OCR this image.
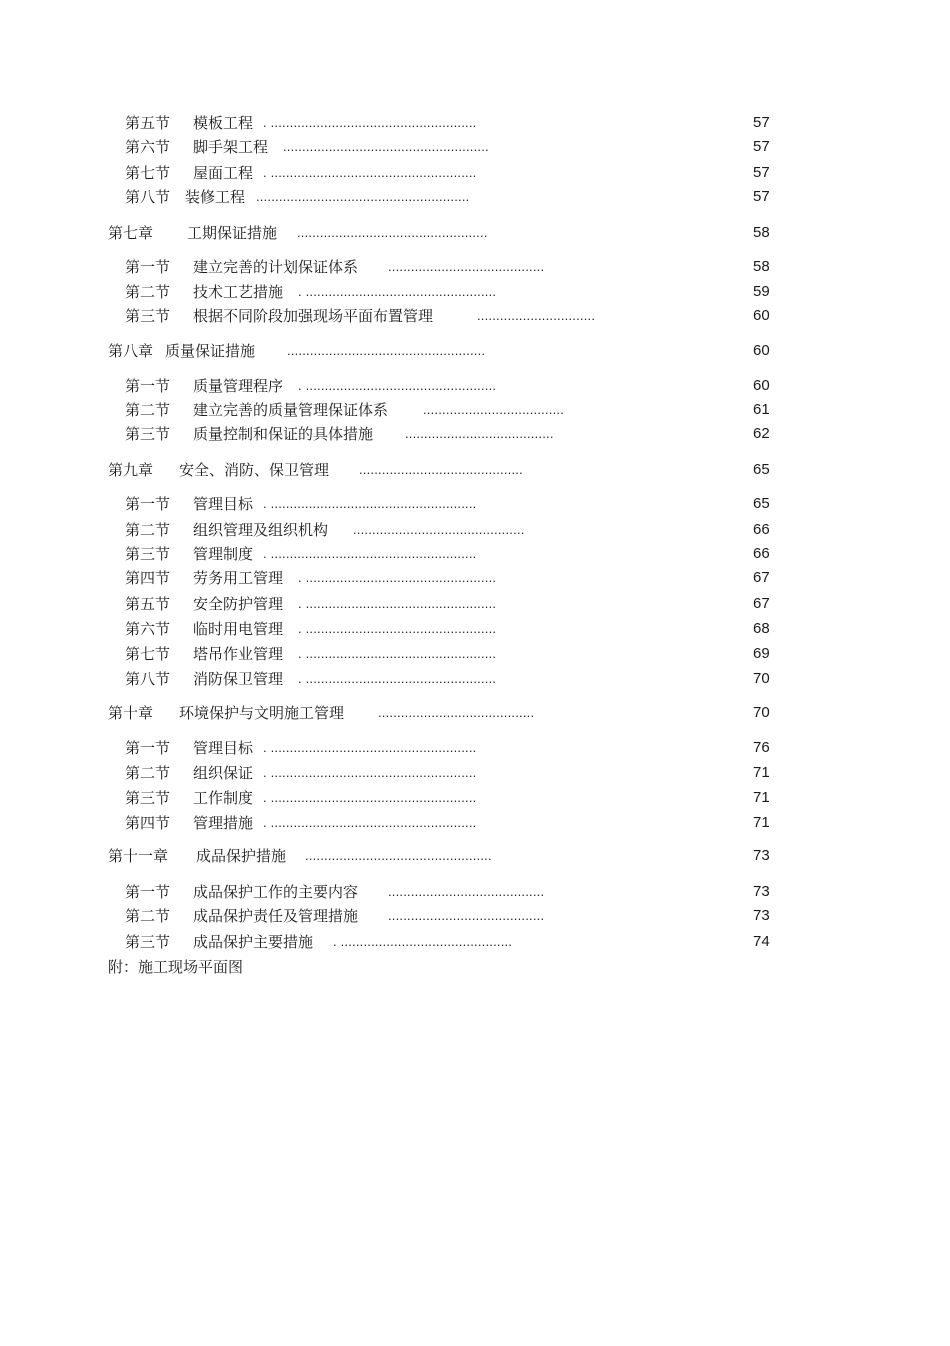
第五节 模板工程 . ......................................................	57
第六节 脚手架工程 ......................................................	57
第七节 屋面工程 . ......................................................	57
第八节 装修工程 ........................................................	57
第七章 工期保证措施 ..................................................	58
第一节 建立完善的计划保证体系 .........................................	58
第二节 技术工艺措施 . ..................................................	59
第三节 根据不同阶段加强现场平面布置管理	...............................	60
第八章 质量保证措施 ....................................................	60
第一节 质量管理程序 . ..................................................	60
第二节 建立完善的质量管理保证体系	.....................................	61
第三节 质量控制和保证的具体措施 .......................................	62
第九章 安全、消防、保卫管理 ...........................................	65
第一节 管理目标 . ......................................................	65
第二节 组织管理及组织机构 .............................................	66
第三节 管理制度 . ......................................................	66
第四节 劳务用工管理 . ..................................................	67
第五节 安全防护管理 . ..................................................	67
第六节 临时用电管理 . ..................................................	68
第七节 塔吊作业管理 . ..................................................	69
第八节 消防保卫管理 . ..................................................	70
第十章 环境保护与文明施工管理	.........................................	70
第一节 管理目标 . ......................................................	76
第二节 组织保证 . ......................................................	71
第三节 工作制度 . ......................................................	71
第四节 管理措施 . ......................................................	71
第十一章 成品保护措施 .................................................	73
第一节 成品保护工作的主要内容 .........................................	73
第二节 成品保护责任及管理措施 .........................................	73
第三节 成品保护主要措施 . .............................................	74
附：施工现场平面图
